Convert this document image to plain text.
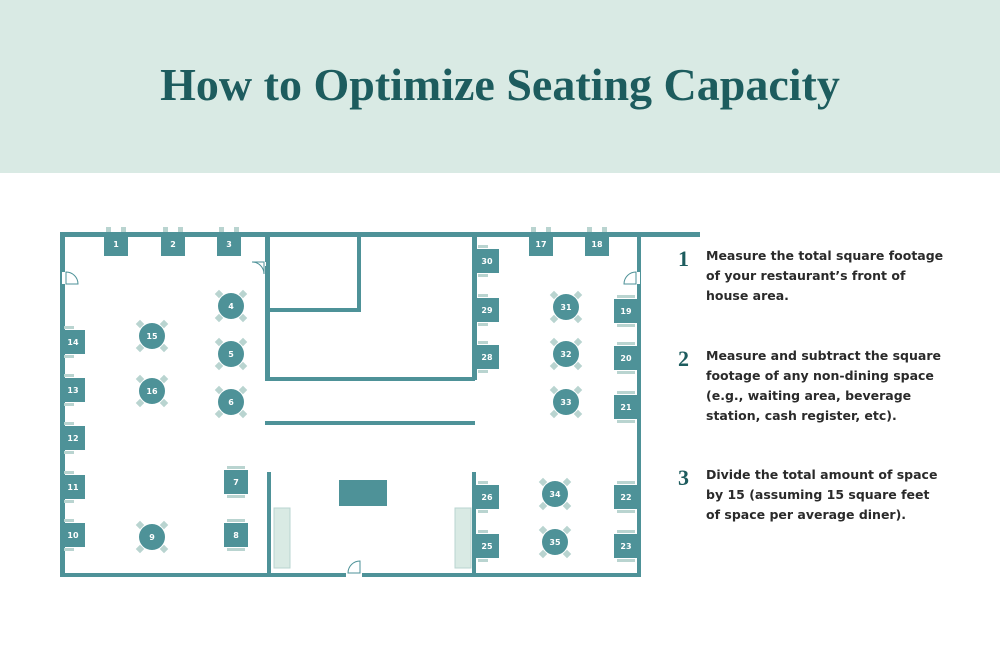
How to Optimize Seating Capacity
1	2	3
14
13
12
11
10
7
8
30
29
28
26
25
17	18
19
20
21
22
23
4
5
6
15
16
9
31
32
33
34
35
1 Measure the total square footage of your restaurant’s front of house area.
2 Measure and subtract the square footage of any non-dining space (e.g., waiting area, beverage station, cash register, etc).
3 Divide the total amount of space by 15 (assuming 15 square feet of space per average diner).
